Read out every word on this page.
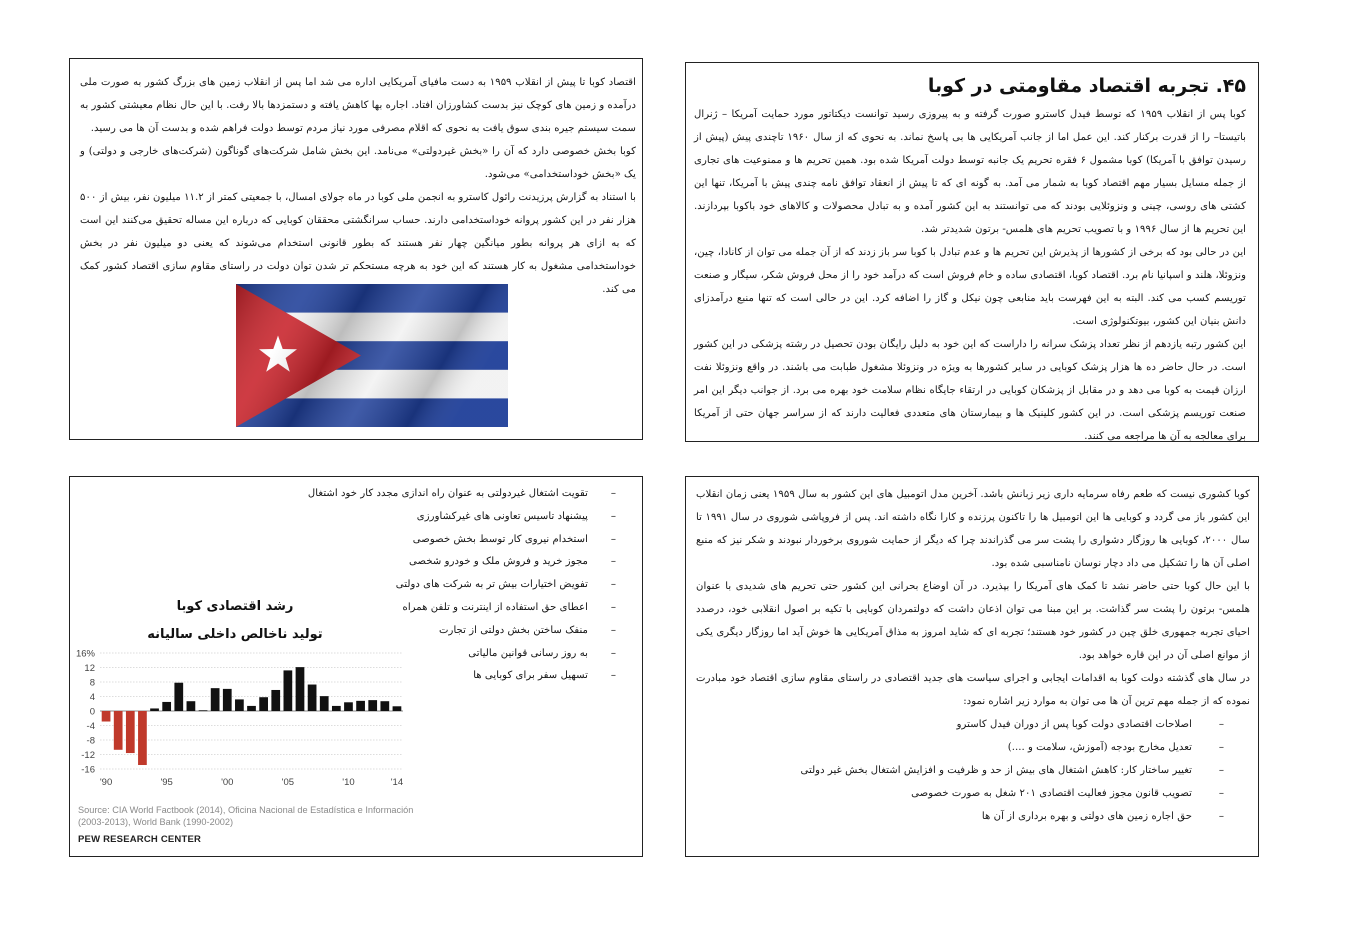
۴۵. تجربه اقتصاد مقاومتی در کوبا

کوبا پس از انقلاب ۱۹۵۹ که توسط فیدل کاسترو صورت گرفته و به پیروزی رسید توانست دیکتاتور مورد حمایت آمریکا – ژنرال باتیستا– را از قدرت برکنار کند. این عمل اما از جانب آمریکایی ها بی پاسخ نماند. به نحوی که از سال ۱۹۶۰ تاچندی پیش (پیش از رسیدن توافق با آمریکا) کوبا مشمول ۶ فقره تحریم یک جانبه توسط دولت آمریکا شده بود. همین تحریم ها و ممنوعیت های تجاری از جمله مسایل بسیار مهم اقتصاد کوبا به شمار می آمد. به گونه ای که تا پیش از انعقاد توافق نامه چندی پیش با آمریکا، تنها این کشتی های روسی، چینی و ونزوئلایی بودند که می توانستند به این کشور آمده و به تبادل محصولات و کالاهای خود باکوبا بپردازند. این تحریم ها از سال ۱۹۹۶ و با تصویب تحریم های هلمس- برتون شدیدتر شد.

این در حالی بود که برخی از کشورها از پذیرش این تحریم ها و عدم تبادل با کوبا سر باز زدند که از آن جمله می توان از کانادا، چین، ونزوئلا، هلند و اسپانیا نام برد. اقتصاد کوبا، اقتصادی ساده و خام فروش است که درآمد خود را از محل فروش شکر، سیگار و صنعت توریسم کسب می کند. البته به این فهرست باید منابعی چون نیکل و گاز را اضافه کرد. این در حالی است که تنها منبع درآمدزای دانش بنیان این کشور، بیوتکنولوژی است.

این کشور رتبه یازدهم از نظر تعداد پزشک سرانه را داراست که این خود به دلیل رایگان بودن تحصیل در رشته پزشکی در این کشور است. در حال حاضر ده ها هزار پزشک کوبایی در سایر کشورها به ویژه در ونزوئلا مشغول طبابت می باشند. در واقع ونزوئلا نفت ارزان قیمت به کوبا می دهد و در مقابل از پزشکان کوبایی در ارتقاء جایگاه نظام سلامت خود بهره می برد. از جوانب دیگر این امر صنعت توریسم پزشکی است. در این کشور کلینیک ها و بیمارستان های متعددی فعالیت دارند که از سراسر جهان حتی از آمریکا برای معالجه به آن ها مراجعه می کنند.

اقتصاد کوبا تا پیش از انقلاب ۱۹۵۹ به دست مافیای آمریکایی اداره می شد اما پس از انقلاب زمین های بزرگ کشور به صورت ملی درآمده و زمین های کوچک نیز بدست کشاورزان افتاد. اجاره بها کاهش یافته و دستمزدها بالا رفت. با این حال نظام معیشتی کشور به سمت سیستم جیره بندی سوق یافت به نحوی که اقلام مصرفی مورد نیاز مردم توسط دولت فراهم شده و بدست آن ها می رسید.

کوبا بخش خصوصی دارد که آن را «بخش غیردولتی» می‌نامد. این بخش شامل شرکت‌های گوناگون (شرکت‌های خارجی و دولتی) و یک «بخش خوداستخدامی» می‌شود.

با استناد به گزارش پرزیدنت رائول کاسترو به انجمن ملی کوبا در ماه جولای امسال، با جمعیتی کمتر از ۱۱.۲ میلیون نفر، بیش از ۵۰۰ هزار نفر در این کشور پروانه خوداستخدامی دارند. حساب سرانگشتی محققان کوبایی که درباره این مساله تحقیق می‌کنند این است که به ازای هر پروانه بطور میانگین چهار نفر هستند که بطور قانونی استخدام می‌شوند که یعنی دو میلیون نفر در بخش خوداستخدامی مشغول به کار هستند که این خود به هرچه مستحکم تر شدن توان دولت در راستای مقاوم سازی اقتصاد کشور کمک می کند.

کوبا کشوری نیست که طعم رفاه سرمایه داری زیر زبانش باشد. آخرین مدل اتومبیل های این کشور به سال ۱۹۵۹ یعنی زمان انقلاب این کشور باز می گردد و کوبایی ها این اتومبیل ها را تاکنون پرزنده و کارا نگاه داشته اند. پس از فروپاشی شوروی در سال ۱۹۹۱ تا سال ۲۰۰۰، کوبایی ها روزگار دشواری را پشت سر می گذراندند چرا که دیگر از حمایت شوروی برخوردار نبودند و شکر نیز که منبع اصلی آن ها را تشکیل می داد دچار نوسان نامناسبی شده بود.

با این حال کوبا حتی حاضر نشد تا کمک های آمریکا را بپذیرد. در آن اوضاع بحرانی این کشور حتی تحریم های شدیدی با عنوان هلمس- برتون را پشت سر گذاشت. بر این مبنا می توان اذعان داشت که دولتمردان کوبایی با تکیه بر اصول انقلابی خود، درصدد احیای تجربه جمهوری خلق چین در کشور خود هستند؛ تجربه ای که شاید امروز به مذاق آمریکایی ها خوش آید اما روزگار دیگری یکی از موانع اصلی آن در این قاره خواهد بود.

در سال های گذشته دولت کوبا به اقدامات ایجابی و اجرای سیاست های جدید اقتصادی در راستای مقاوم سازی اقتصاد خود مبادرت نموده که از جمله مهم ترین آن ها می توان به موارد زیر اشاره نمود:

–
اصلاحات اقتصادی دولت کوبا پس از دوران فیدل کاسترو
–
تعدیل مخارج بودجه (آموزش، سلامت و ....)
–
تغییر ساختار کار: کاهش اشتغال های بیش از حد و ظرفیت و افزایش اشتغال بخش غیر دولتی
–
تصویب قانون مجوز فعالیت اقتصادی ۲۰۱ شغل به صورت خصوصی
–
حق اجاره زمین های دولتی و بهره برداری از آن ها
–
تقویت اشتغال غیردولتی به عنوان راه اندازی مجدد کار خود اشتغال
–
پیشنهاد تاسیس تعاونی های غیرکشاورزی
–
استخدام نیروی کار توسط بخش خصوصی
–
مجوز خرید و فروش ملک و خودرو شخصی
–
تفویض اختیارات بیش تر به شرکت های دولتی
–
اعطای حق استفاده از اینترنت و تلفن همراه
–
منفک ساختن بخش دولتی از تجارت
–
به روز رسانی قوانین مالیاتی
–
تسهیل سفر برای کوبایی ها
رشد اقتصادی کوبا
تولید ناخالص داخلی سالیانه
16%
12
8
4
0
-4
-8
-12
-16
'90	'95	'00	'05	'10	'14
Source: CIA World Factbook (2014), Oficina Nacional de Estadística e Información (2003-2013), World Bank (1990-2002)
PEW RESEARCH CENTER
